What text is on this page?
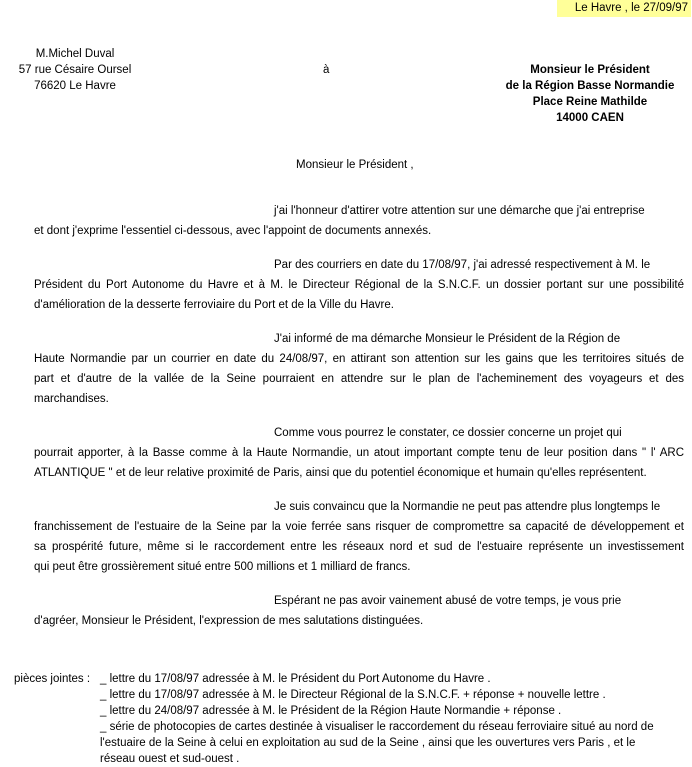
Le Havre , le 27/09/97
M.Michel Duval
57 rue Césaire Oursel
76620 Le Havre
à	Monsieur le Président
de la Région Basse Normandie
Place Reine Mathilde
14000 CAEN
Monsieur le Président ,
j'ai l'honneur d'attirer votre attention sur une démarche que j'ai entreprise
et dont j'exprime l'essentiel ci-dessous, avec l'appoint de documents annexés.
Par des courriers en date du 17/08/97, j'ai adressé respectivement à M. le
Président du Port Autonome du Havre et à M. le Directeur Régional de la S.N.C.F. un dossier portant sur une possibilité
d'amélioration de la desserte ferroviaire du Port et de la Ville du Havre.
J'ai informé de ma démarche Monsieur le Président de la Région de
Haute Normandie par un courrier en date du 24/08/97, en attirant son attention sur les gains que les territoires situés de
part et d'autre de la vallée de la Seine pourraient en attendre sur le plan de l'acheminement des voyageurs et des
marchandises.
Comme vous pourrez le constater, ce dossier concerne un projet qui
pourrait apporter, à la Basse comme à la Haute Normandie, un atout important compte tenu de leur position dans " l' ARC
ATLANTIQUE " et de leur relative proximité de Paris, ainsi que du potentiel économique et humain qu'elles représentent.
Je suis convaincu que la Normandie ne peut pas attendre plus longtemps le
franchissement de l'estuaire de la Seine par la voie ferrée sans risquer de compromettre sa capacité de développement et
sa prospérité future, même si le raccordement entre les réseaux nord et sud de l'estuaire représente un investissement
qui peut être grossièrement situé entre 500 millions et 1 milliard de francs.
Espérant ne pas avoir vainement abusé de votre temps, je vous prie
d'agréer, Monsieur le Président, l'expression de mes salutations distinguées.
pièces jointes : _ lettre du 17/08/97 adressée à M. le Président du Port Autonome du Havre .
_ lettre du 17/08/97 adressée à M. le Directeur Régional de la S.N.C.F. + réponse + nouvelle lettre .
_ lettre du 24/08/97 adressée à M. le Président de la Région Haute Normandie + réponse .
_ série de photocopies de cartes destinée à visualiser le raccordement du réseau ferroviaire situé au nord de
l'estuaire de la Seine à celui en exploitation au sud de la Seine , ainsi que les ouvertures vers Paris , et le
réseau ouest et sud-ouest .
